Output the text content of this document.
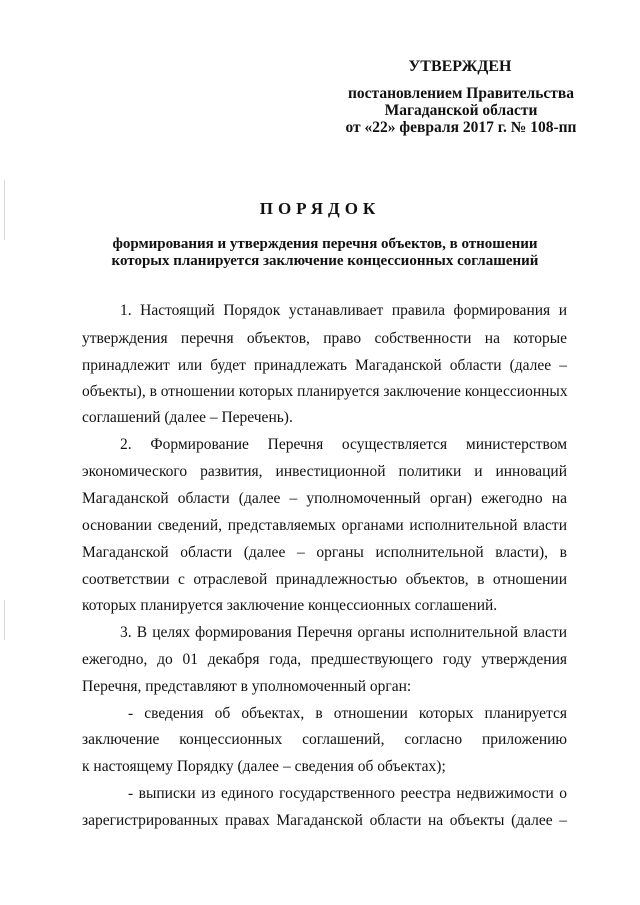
УТВЕРЖДЕН
постановлением Правительства
Магаданской области
от «22» февраля 2017 г. № 108-пп
ПОРЯДОК
формирования и утверждения перечня объектов, в отношении
которых планируется заключение концессионных соглашений
1. Настоящий Порядок устанавливает правила формирования и
утверждения перечня объектов, право собственности на которые
принадлежит или будет принадлежать Магаданской области (далее –
объекты), в отношении которых планируется заключение концессионных
соглашений (далее – Перечень).
2. Формирование Перечня осуществляется министерством
экономического развития, инвестиционной политики и инноваций
Магаданской области (далее – уполномоченный орган) ежегодно на
основании сведений, представляемых органами исполнительной власти
Магаданской области (далее – органы исполнительной власти), в
соответствии с отраслевой принадлежностью объектов, в отношении
которых планируется заключение концессионных соглашений.
3. В целях формирования Перечня органы исполнительной власти
ежегодно, до 01 декабря года, предшествующего году утверждения
Перечня, представляют в уполномоченный орган:
- сведения об объектах, в отношении которых планируется
заключение концессионных соглашений, согласно приложению
к настоящему Порядку (далее – сведения об объектах);
- выписки из единого государственного реестра недвижимости о
зарегистрированных правах Магаданской области на объекты (далее –
